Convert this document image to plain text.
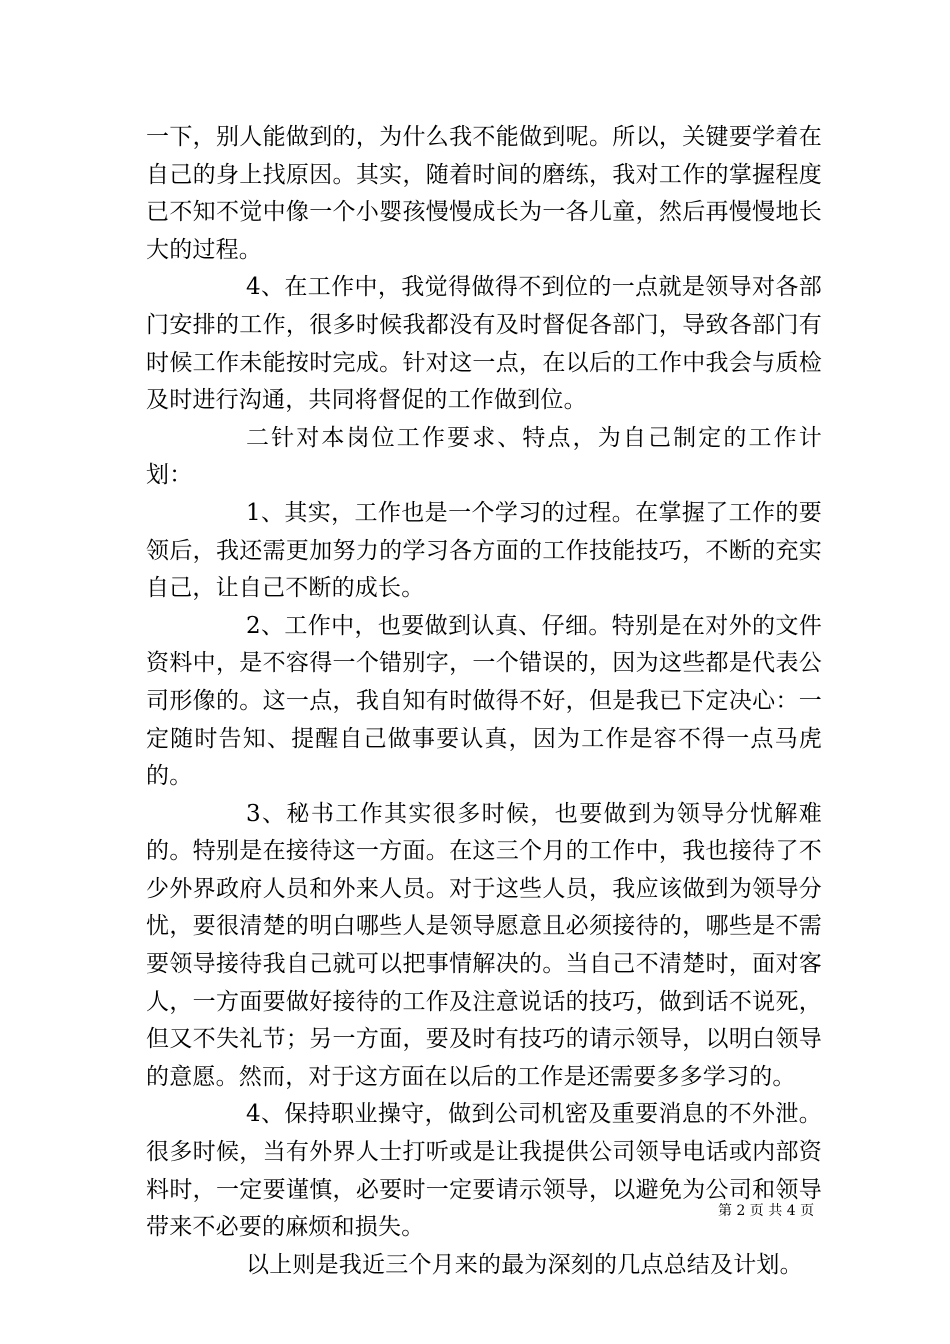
一下，别人能做到的，为什么我不能做到呢。所以，关键要学着在自己的身上找原因。其实，随着时间的磨练，我对工作的掌握程度已不知不觉中像一个小婴孩慢慢成长为一各儿童，然后再慢慢地长大的过程。

4、在工作中，我觉得做得不到位的一点就是领导对各部门安排的工作，很多时候我都没有及时督促各部门，导致各部门有时候工作未能按时完成。针对这一点，在以后的工作中我会与质检及时进行沟通，共同将督促的工作做到位。

二针对本岗位工作要求、特点，为自己制定的工作计划：

1、其实，工作也是一个学习的过程。在掌握了工作的要领后，我还需更加努力的学习各方面的工作技能技巧，不断的充实自己，让自己不断的成长。

2、工作中，也要做到认真、仔细。特别是在对外的文件资料中，是不容得一个错别字，一个错误的，因为这些都是代表公司形像的。这一点，我自知有时做得不好，但是我已下定决心：一定随时告知、提醒自己做事要认真，因为工作是容不得一点马虎的。

3、秘书工作其实很多时候，也要做到为领导分忧解难的。特别是在接待这一方面。在这三个月的工作中，我也接待了不少外界政府人员和外来人员。对于这些人员，我应该做到为领导分忧，要很清楚的明白哪些人是领导愿意且必须接待的，哪些是不需要领导接待我自己就可以把事情解决的。当自己不清楚时，面对客人，一方面要做好接待的工作及注意说话的技巧，做到话不说死，但又不失礼节；另一方面，要及时有技巧的请示领导，以明白领导的意愿。然而，对于这方面在以后的工作是还需要多多学习的。

4、保持职业操守，做到公司机密及重要消息的不外泄。很多时候，当有外界人士打听或是让我提供公司领导电话或内部资料时，一定要谨慎，必要时一定要请示领导，以避免为公司和领导带来不必要的麻烦和损失。

以上则是我近三个月来的最为深刻的几点总结及计划。

第 2 页 共 4 页
